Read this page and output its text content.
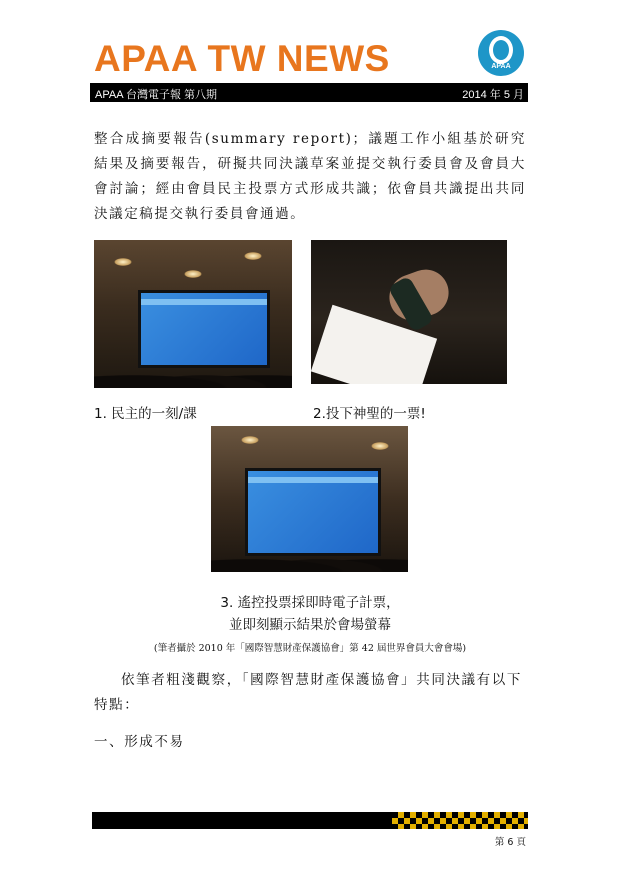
APAA TW NEWS	APAA
APAA 台灣電子報 第八期	2014 年 5 月
整合成摘要報告(summary report)；議題工作小組基於研究結果及摘要報告，研擬共同決議草案並提交執行委員會及會員大會討論；經由會員民主投票方式形成共識；依會員共識提出共同決議定稿提交執行委員會通過。
1. 民主的一刻/課	2.投下神聖的一票!
3. 遙控投票採即時電子計票，
並即刻顯示結果於會場螢幕
(筆者攝於 2010 年「國際智慧財產保護協會」第 42 屆世界會員大會會場)
依筆者粗淺觀察，「國際智慧財產保護協會」共同決議有以下特點：
一、形成不易
第 6 頁
